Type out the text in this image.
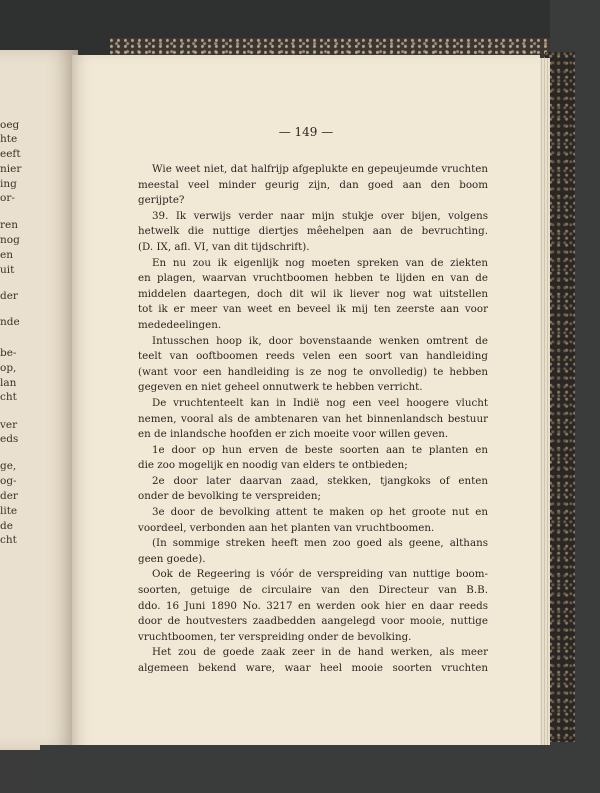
oeg
hte
eeft
nier
ing
or-
ren
nog
en
uit
der
nde
be-
op,
lan
cht
ver
eds
ge,
og-
der
lite
de
cht
— 149 —
Wie weet niet, dat halfrijp afgeplukte en gepeujeumde vruchten
meestal veel minder geurig zijn, dan goed aan den boom
gerijpte?
39. Ik verwijs verder naar mijn stukje over bijen, volgens
hetwelk die nuttige diertjes mêehelpen aan de bevruchting.
(D. IX, afl. VI, van dit tijdschrift).
En nu zou ik eigenlijk nog moeten spreken van de ziekten
en plagen, waarvan vruchtboomen hebben te lijden en van de
middelen daartegen, doch dit wil ik liever nog wat uitstellen
tot ik er meer van weet en beveel ik mij ten zeerste aan voor
mededeelingen.
Intusschen hoop ik, door bovenstaande wenken omtrent de
teelt van ooftboomen reeds velen een soort van handleiding
(want voor een handleiding is ze nog te onvolledig) te hebben
gegeven en niet geheel onnutwerk te hebben verricht.
De vruchtenteelt kan in Indië nog een veel hoogere vlucht
nemen, vooral als de ambtenaren van het binnenlandsch bestuur
en de inlandsche hoofden er zich moeite voor willen geven.
1e door op hun erven de beste soorten aan te planten en
die zoo mogelijk en noodig van elders te ontbieden;
2e door later daarvan zaad, stekken, tjangkoks of enten
onder de bevolking te verspreiden;
3e door de bevolking attent te maken op het groote nut en
voordeel, verbonden aan het planten van vruchtboomen.
(In sommige streken heeft men zoo goed als geene, althans
geen goede).
Ook de Regeering is vóór de verspreiding van nuttige boom-
soorten, getuige de circulaire van den Directeur van B.B.
ddo. 16 Juni 1890 No. 3217 en werden ook hier en daar reeds
door de houtvesters zaadbedden aangelegd voor mooie, nuttige
vruchtboomen, ter verspreiding onder de bevolking.
Het zou de goede zaak zeer in de hand werken, als meer
algemeen bekend ware, waar heel mooie soorten vruchten
